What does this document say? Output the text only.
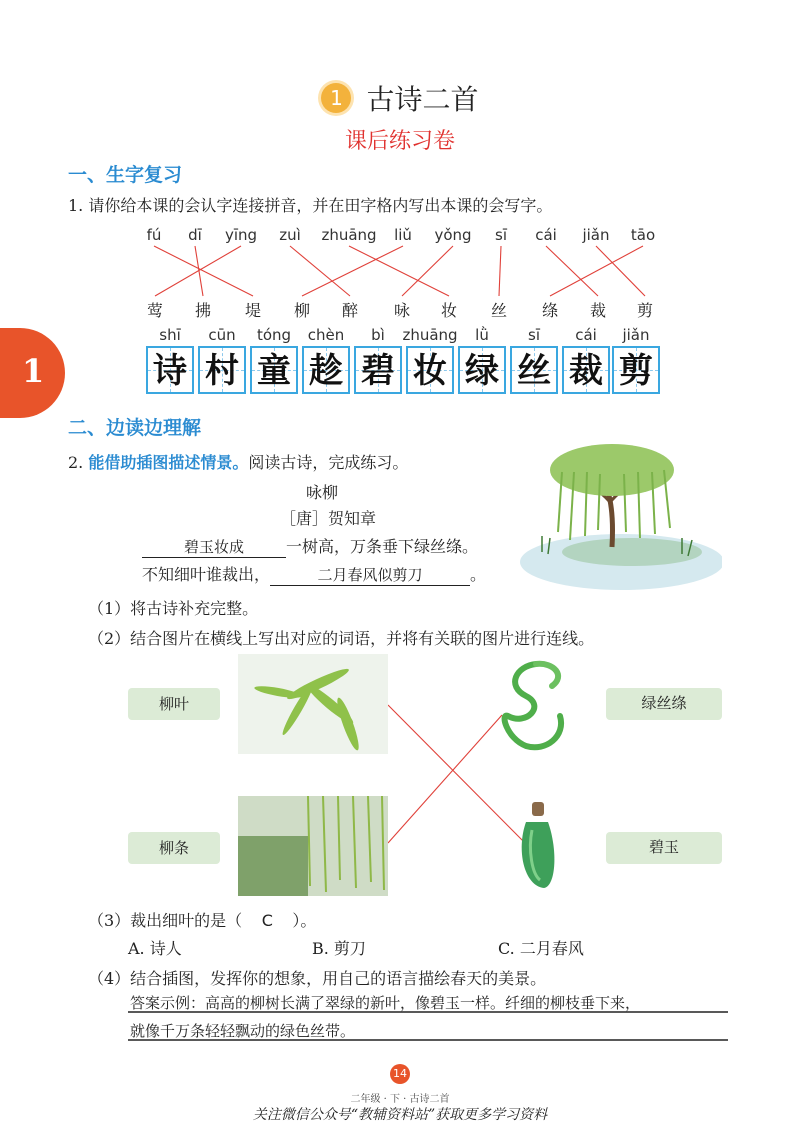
1 古诗二首
课后练习卷
1
一、生字复习
1. 请你给本课的会认字连接拼音，并在田字格内写出本课的会写字。
fú dī yīng zuì zhuāng liǔ yǒng sī cái jiǎn tāo
莺 拂 堤 柳 醉 咏 妆 丝 绦 裁 剪
shī cūn tóng chèn bì zhuāng lǜ	sī cái jiǎn
诗 村 童 趁 碧 妆 绿 丝 裁 剪
二、边读边理解
2. 能借助插图描述情景。阅读古诗，完成练习。
咏柳
［唐］贺知章
碧玉妆成	一树高，万条垂下绿丝绦。
不知细叶谁裁出，	二月春风似剪刀	。
（1）将古诗补充完整。
（2）结合图片在横线上写出对应的词语，并将有关联的图片进行连线。
柳叶
柳条
绿丝绦
碧玉
（3）裁出细叶的是（ C ）。
A. 诗人	B. 剪刀	C. 二月春风
（4）结合插图，发挥你的想象，用自己的语言描绘春天的美景。
答案示例：高高的柳树长满了翠绿的新叶，像碧玉一样。纤细的柳枝垂下来，
就像千万条轻轻飘动的绿色丝带。
14
二年级 · 下 · 古诗二首
关注微信公众号“教辅资料站”获取更多学习资料
